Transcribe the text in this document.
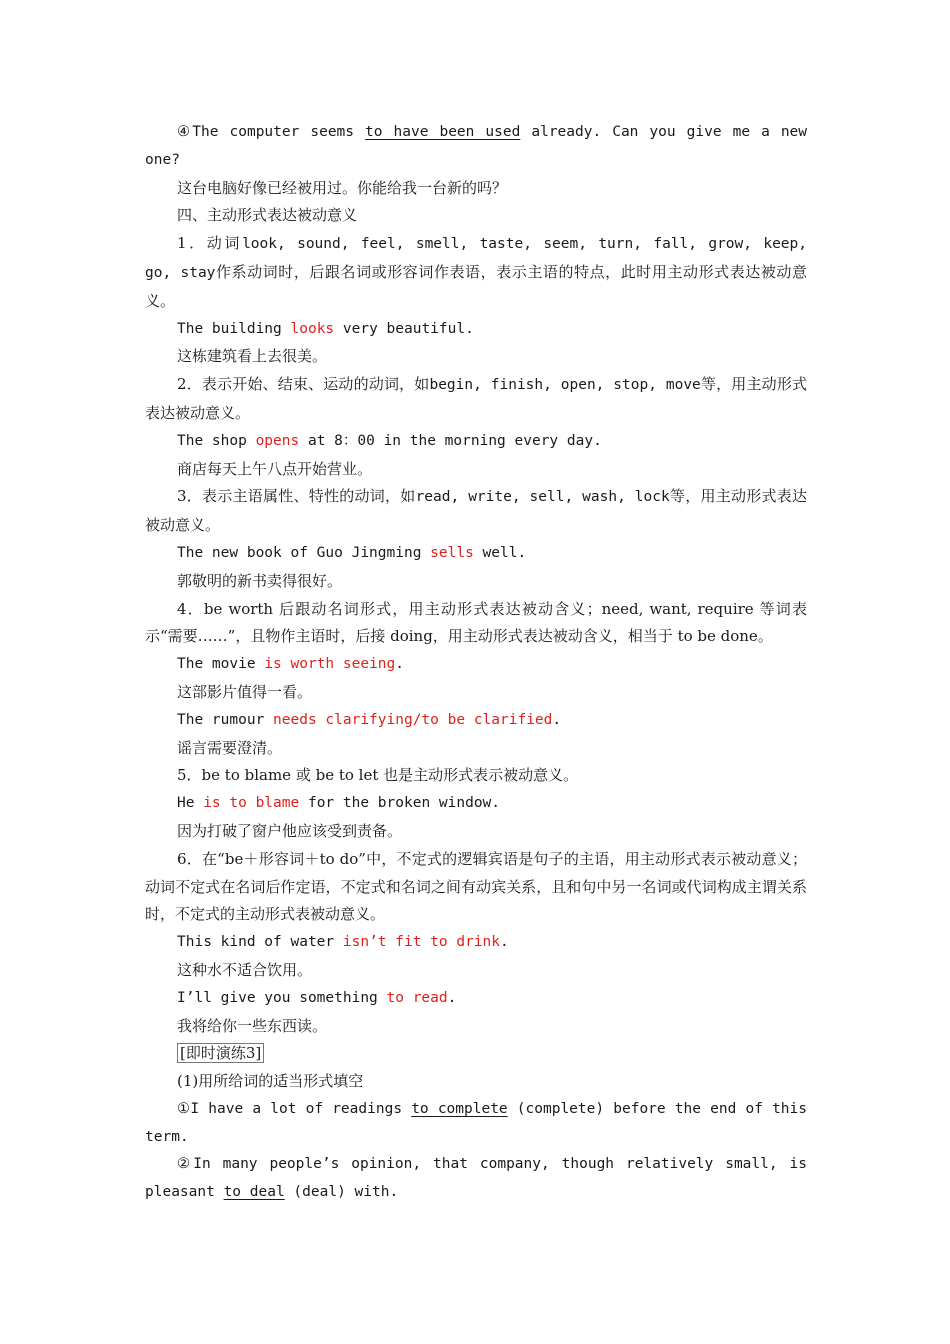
④The computer seems to have been used already. Can you give me a new one?

这台电脑好像已经被用过。你能给我一台新的吗？

四、主动形式表达被动意义

1．动词look, sound, feel, smell, taste, seem, turn, fall, grow, keep, go, stay作系动词时，后跟名词或形容词作表语，表示主语的特点，此时用主动形式表达被动意义。

The building looks very beautiful.

这栋建筑看上去很美。

2．表示开始、结束、运动的动词，如begin, finish, open, stop, move等，用主动形式表达被动意义。

The shop opens at 8：00 in the morning every day.

商店每天上午八点开始营业。

3．表示主语属性、特性的动词，如read, write, sell, wash, lock等，用主动形式表达被动意义。

The new book of Guo Jingming sells well.

郭敬明的新书卖得很好。

4．be worth 后跟动名词形式，用主动形式表达被动含义；need, want, require 等词表示“需要……”，且物作主语时，后接 doing，用主动形式表达被动含义，相当于 to be done。

The movie is worth seeing.

这部影片值得一看。

The rumour needs clarifying/to be clarified.

谣言需要澄清。

5．be to blame 或 be to let 也是主动形式表示被动意义。

He is to blame for the broken window.

因为打破了窗户他应该受到责备。

6．在“be＋形容词＋to do”中，不定式的逻辑宾语是句子的主语，用主动形式表示被动意义；动词不定式在名词后作定语，不定式和名词之间有动宾关系，且和句中另一名词或代词构成主谓关系时，不定式的主动形式表被动意义。

This kind of water isn’t fit to drink.

这种水不适合饮用。

I’ll give you something to read.

我将给你一些东西读。

[即时演练3]

(1)用所给词的适当形式填空

①I have a lot of readings to complete (complete) before the end of this term.

②In many people’s opinion, that company, though relatively small, is pleasant to deal (deal) with.
